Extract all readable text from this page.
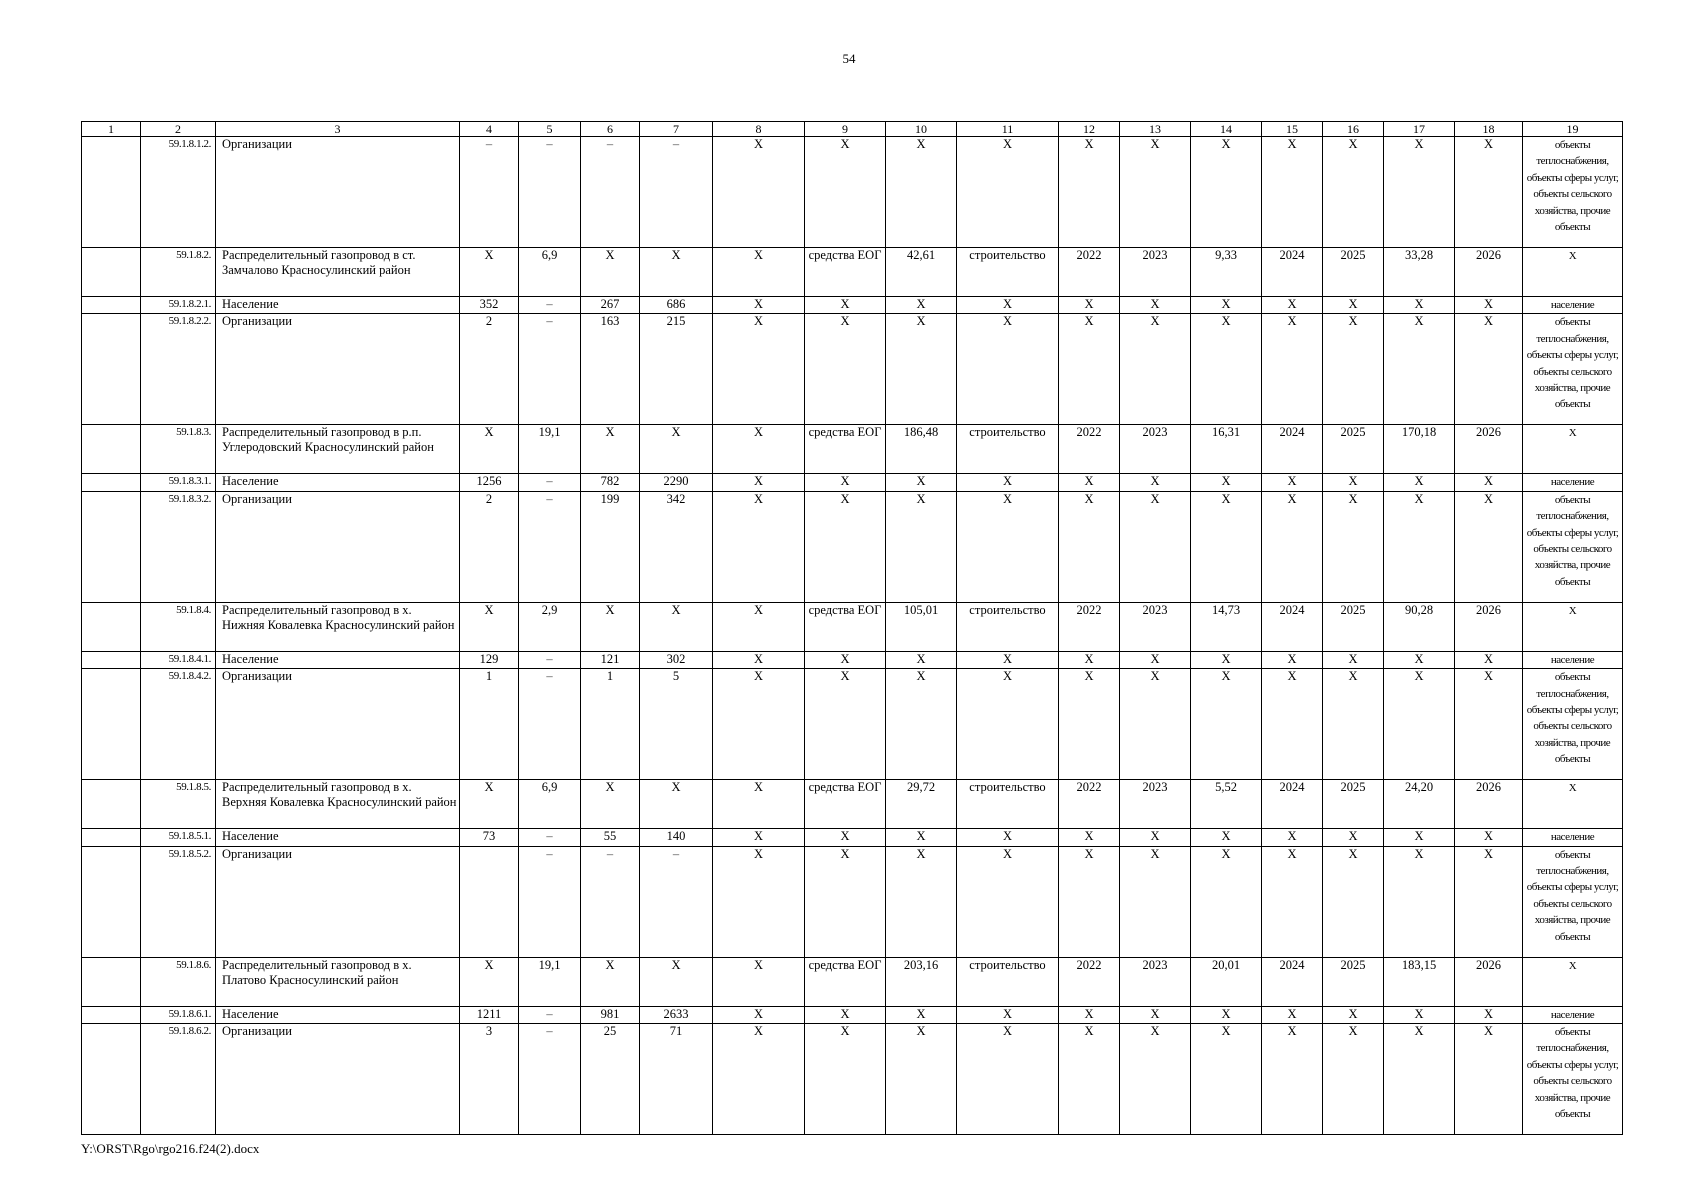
54
1	2	3	4	5	6	7	8	9	10	11	12	13	14	15	16	17	18	19
	59.1.8.1.2.	Организации	–	–	–	–	X	X	X	X	X	X	X	X	X	X	X	объекты теплоснабжения, объекты сферы услуг, объекты сельского хозяйства, прочие объекты
	59.1.8.2.	Распределительный газопровод в ст. Замчалово Красносулинский район	X	6,9	X	X	X	средства ЕОГ	42,61	строительство	2022	2023	9,33	2024	2025	33,28	2026	X
	59.1.8.2.1.	Население	352	–	267	686	X	X	X	X	X	X	X	X	X	X	X	население
	59.1.8.2.2.	Организации	2	–	163	215	X	X	X	X	X	X	X	X	X	X	X	объекты теплоснабжения, объекты сферы услуг, объекты сельского хозяйства, прочие объекты
	59.1.8.3.	Распределительный газопровод в р.п. Углеродовский Красносулинский район	X	19,1	X	X	X	средства ЕОГ	186,48	строительство	2022	2023	16,31	2024	2025	170,18	2026	X
	59.1.8.3.1.	Население	1256	–	782	2290	X	X	X	X	X	X	X	X	X	X	X	население
	59.1.8.3.2.	Организации	2	–	199	342	X	X	X	X	X	X	X	X	X	X	X	объекты теплоснабжения, объекты сферы услуг, объекты сельского хозяйства, прочие объекты
	59.1.8.4.	Распределительный газопровод в х. Нижняя Ковалевка Красносулинский район	X	2,9	X	X	X	средства ЕОГ	105,01	строительство	2022	2023	14,73	2024	2025	90,28	2026	X
	59.1.8.4.1.	Население	129	–	121	302	X	X	X	X	X	X	X	X	X	X	X	население
	59.1.8.4.2.	Организации	1	–	1	5	X	X	X	X	X	X	X	X	X	X	X	объекты теплоснабжения, объекты сферы услуг, объекты сельского хозяйства, прочие объекты
	59.1.8.5.	Распределительный газопровод в х. Верхняя Ковалевка Красносулинский район	X	6,9	X	X	X	средства ЕОГ	29,72	строительство	2022	2023	5,52	2024	2025	24,20	2026	X
	59.1.8.5.1.	Население	73	–	55	140	X	X	X	X	X	X	X	X	X	X	X	население
	59.1.8.5.2.	Организации		–	–	–	X	X	X	X	X	X	X	X	X	X	X	объекты теплоснабжения, объекты сферы услуг, объекты сельского хозяйства, прочие объекты
	59.1.8.6.	Распределительный газопровод в х. Платово Красносулинский район	X	19,1	X	X	X	средства ЕОГ	203,16	строительство	2022	2023	20,01	2024	2025	183,15	2026	X
	59.1.8.6.1.	Население	1211	–	981	2633	X	X	X	X	X	X	X	X	X	X	X	население
	59.1.8.6.2.	Организации	3	–	25	71	X	X	X	X	X	X	X	X	X	X	X	объекты теплоснабжения, объекты сферы услуг, объекты сельского хозяйства, прочие объекты
Y:\ORST\Rgo\rgo216.f24(2).docx
